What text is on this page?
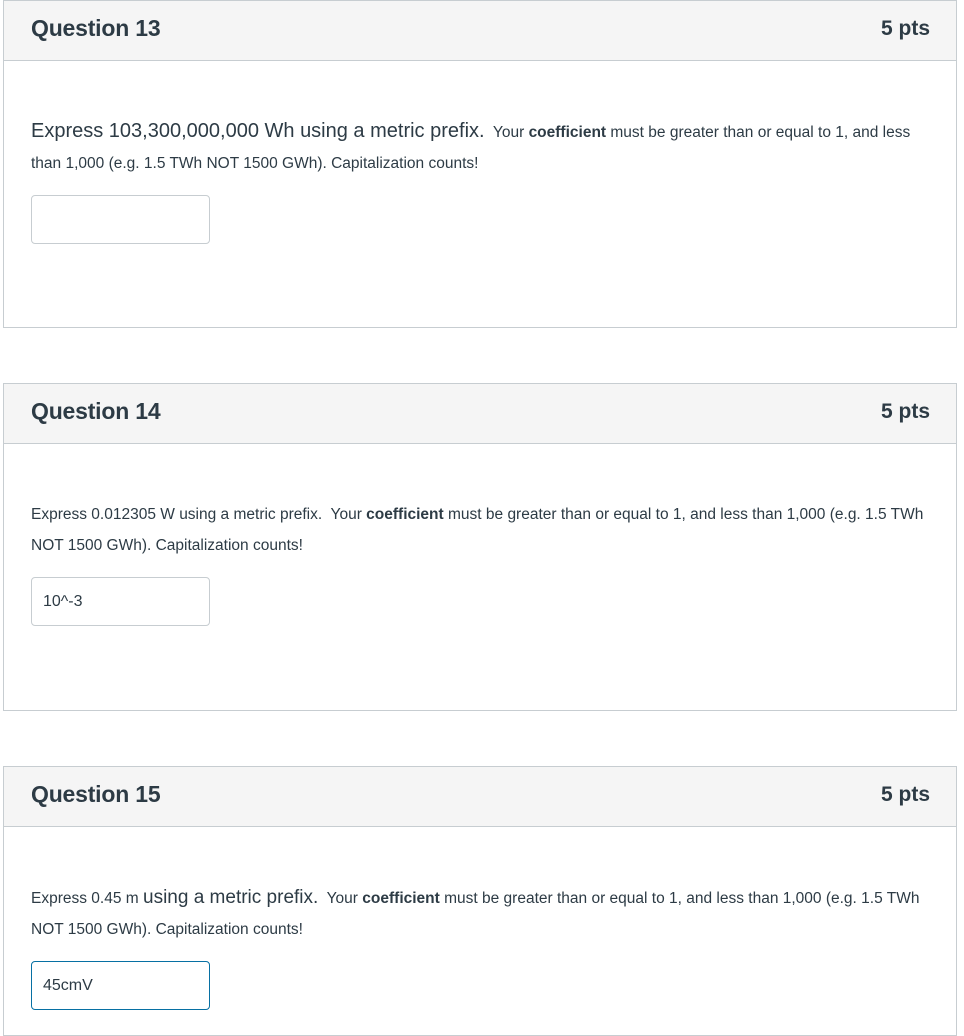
Question 13	5 pts

Express 103,300,000,000 Wh using a metric prefix. Your coefficient must be greater than or equal to 1, and less than 1,000 (e.g. 1.5 TWh NOT 1500 GWh). Capitalization counts!

Question 14	5 pts

Express 0.012305 W using a metric prefix. Your coefficient must be greater than or equal to 1, and less than 1,000 (e.g. 1.5 TWh NOT 1500 GWh). Capitalization counts!

10^-3
Question 15	5 pts

Express 0.45 m using a metric prefix. Your coefficient must be greater than or equal to 1, and less than 1,000 (e.g. 1.5 TWh NOT 1500 GWh). Capitalization counts!

45cmV
